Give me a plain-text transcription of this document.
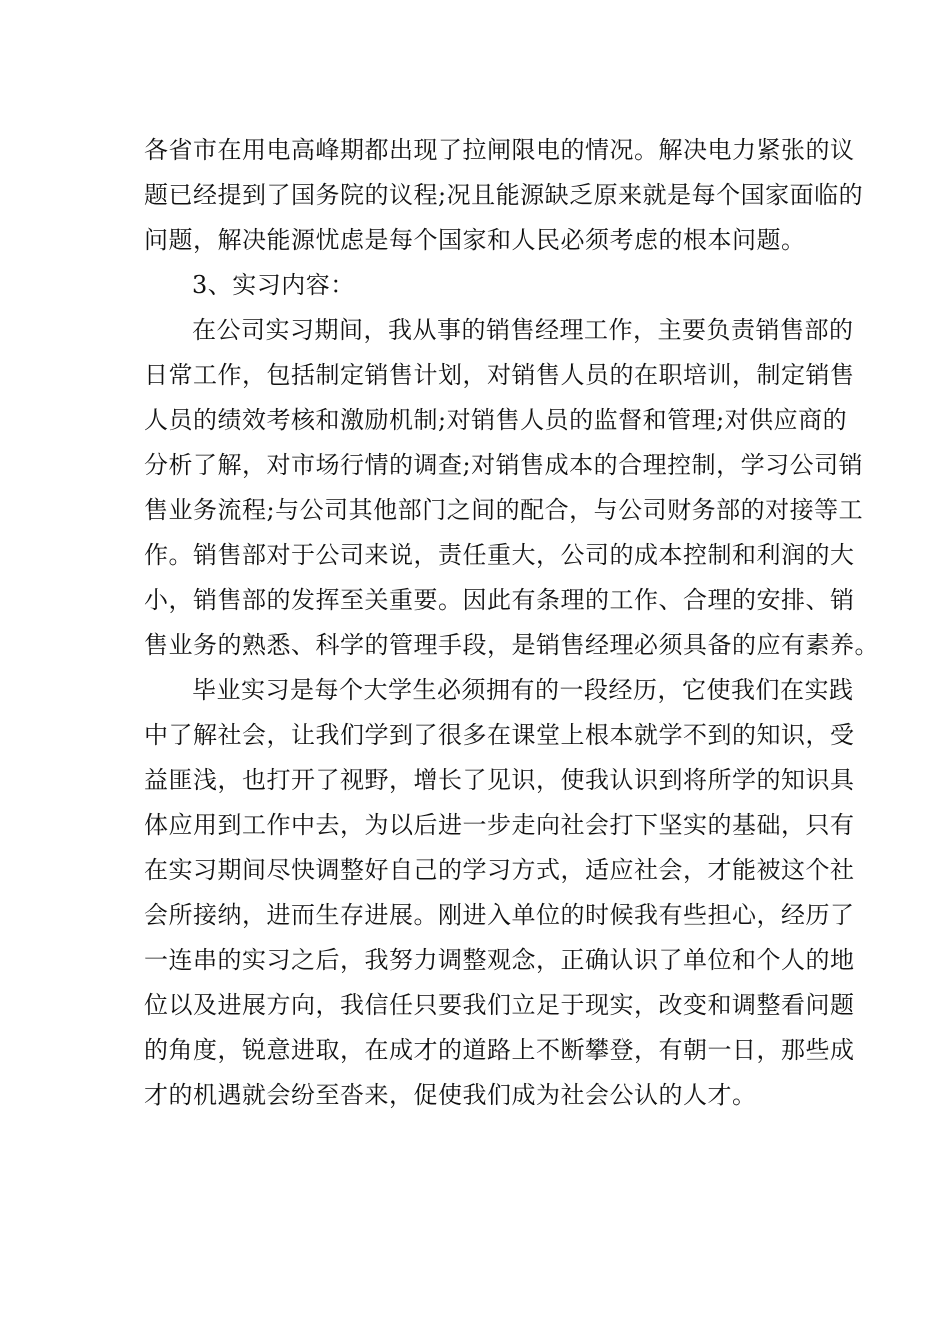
各省市在用电高峰期都出现了拉闸限电的情况。解决电力紧张的议
题已经提到了国务院的议程;况且能源缺乏原来就是每个国家面临的
问题，解决能源忧虑是每个国家和人民必须考虑的根本问题。
3、实习内容：
在公司实习期间，我从事的销售经理工作，主要负责销售部的
日常工作，包括制定销售计划，对销售人员的在职培训，制定销售
人员的绩效考核和激励机制;对销售人员的监督和管理;对供应商的
分析了解，对市场行情的调查;对销售成本的合理控制，学习公司销
售业务流程;与公司其他部门之间的配合，与公司财务部的对接等工
作。销售部对于公司来说，责任重大，公司的成本控制和利润的大
小，销售部的发挥至关重要。因此有条理的工作、合理的安排、销
售业务的熟悉、科学的管理手段，是销售经理必须具备的应有素养。
毕业实习是每个大学生必须拥有的一段经历，它使我们在实践
中了解社会，让我们学到了很多在课堂上根本就学不到的知识，受
益匪浅，也打开了视野，增长了见识，使我认识到将所学的知识具
体应用到工作中去，为以后进一步走向社会打下坚实的基础，只有
在实习期间尽快调整好自己的学习方式，适应社会，才能被这个社
会所接纳，进而生存进展。刚进入单位的时候我有些担心，经历了
一连串的实习之后，我努力调整观念，正确认识了单位和个人的地
位以及进展方向，我信任只要我们立足于现实，改变和调整看问题
的角度，锐意进取，在成才的道路上不断攀登，有朝一日，那些成
才的机遇就会纷至沓来，促使我们成为社会公认的人才。
